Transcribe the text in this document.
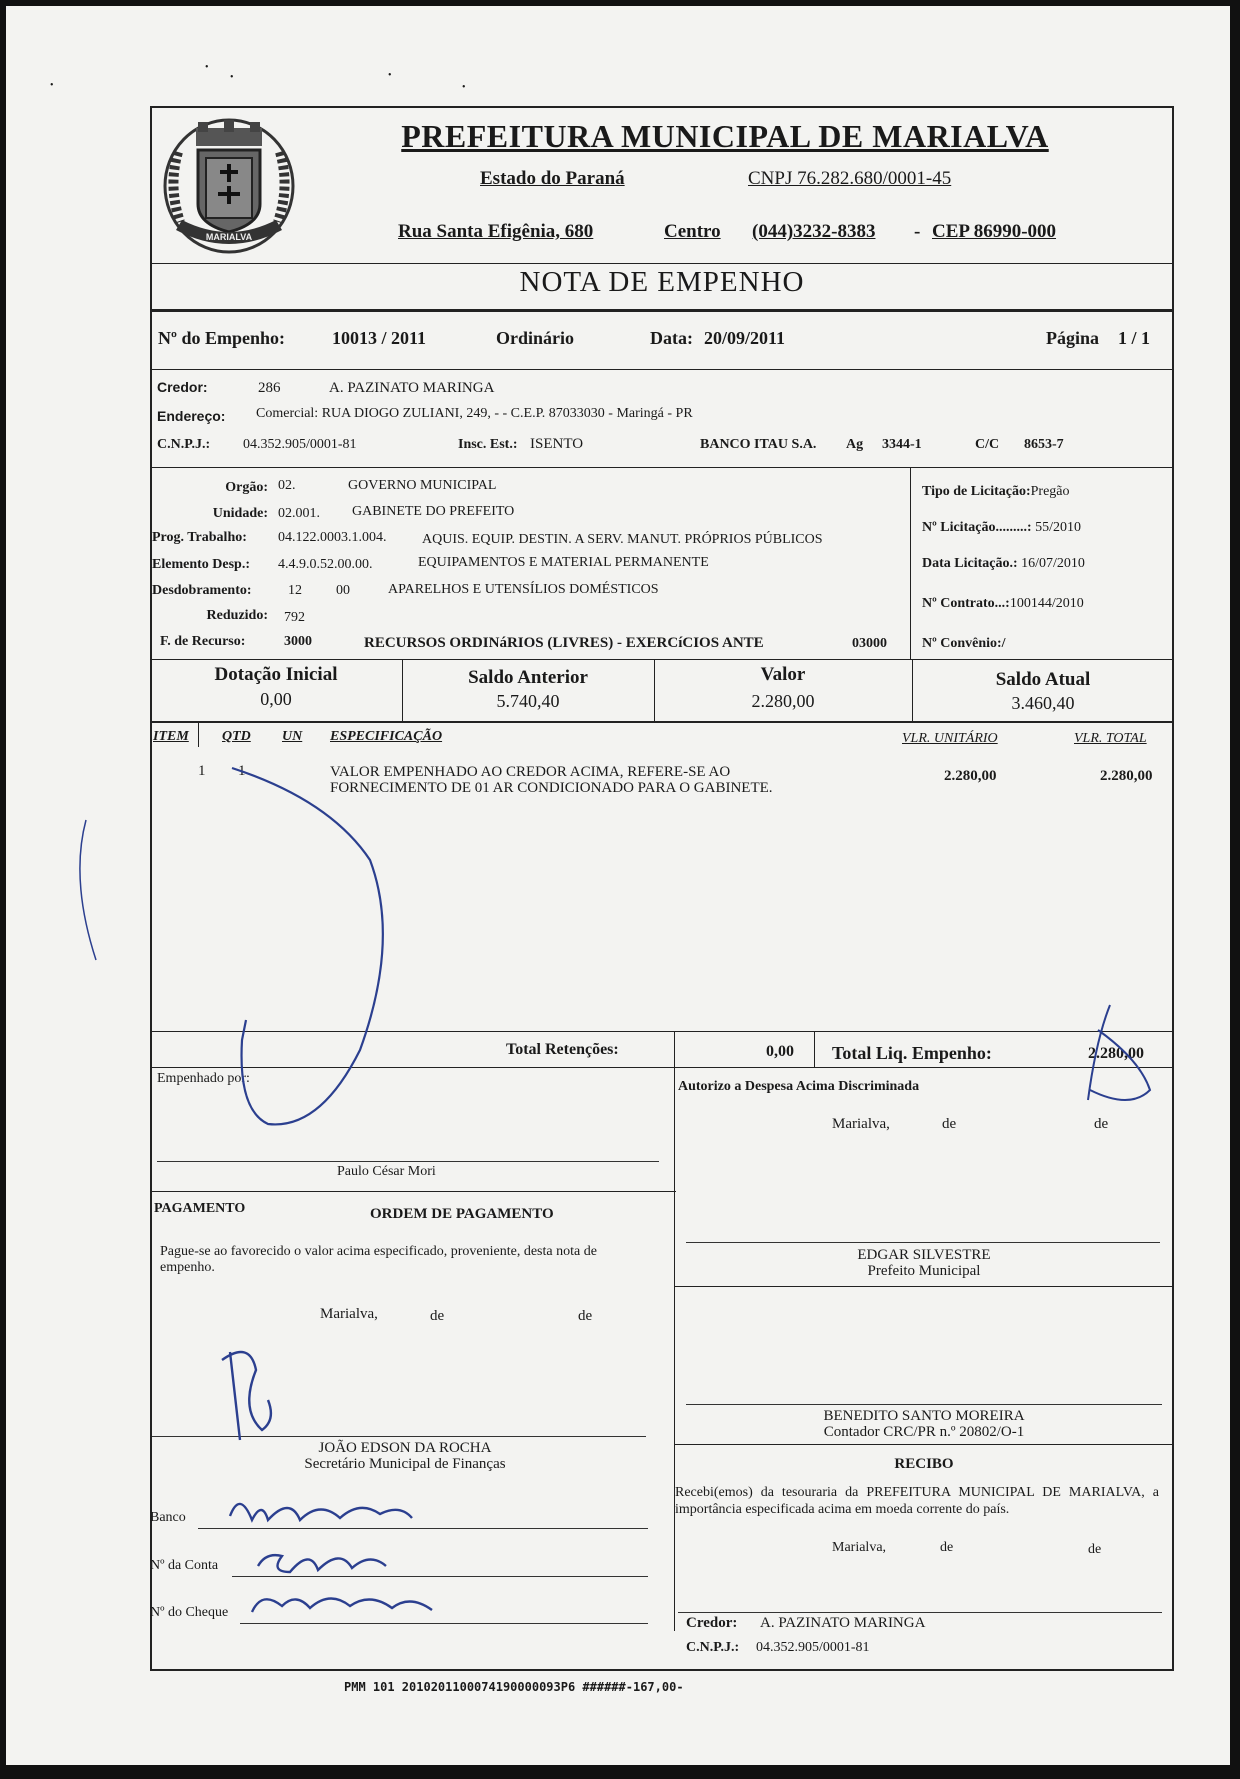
•
•
•	•
•
MARIALVA
PREFEITURA MUNICIPAL DE MARIALVA
Estado do Paraná	CNPJ 76.282.680/0001-45
Rua Santa Efigênia, 680	Centro (044)3232-8383 - CEP 86990-000
NOTA DE EMPENHO
Nº do Empenho:	10013 / 2011	Ordinário	Data: 20/09/2011	Página 1 / 1
Credor:	286	A. PAZINATO MARINGA
Endereço: Comercial: RUA DIOGO ZULIANI, 249, - - C.E.P. 87033030 - Maringá - PR
C.N.P.J.: 04.352.905/0001-81	Insc. Est.: ISENTO	BANCO ITAU S.A. Ag 3344-1	C/C 8653-7
Orgão: 02.	GOVERNO MUNICIPAL
Unidade: 02.001. GABINETE DO PREFEITO
Prog. Trabalho: 04.122.0003.1.004.	AQUIS. EQUIP. DESTIN. A SERV. MANUT. PRÓPRIOS PÚBLICOS
Elemento Desp.: 4.4.9.0.52.00.00.	EQUIPAMENTOS E MATERIAL PERMANENTE
Desdobramento:	12 00	APARELHOS E UTENSÍLIOS DOMÉSTICOS
Reduzido: 792
F. de Recurso:	3000	RECURSOS ORDINáRIOS (LIVRES) - EXERCíCIOS ANTE	03000
Tipo de Licitação:Pregão
Nº Licitação.........: 55/2010
Data Licitação.: 16/07/2010
Nº Contrato...:100144/2010
Nº Convênio:/
Dotação Inicial
0,00
Saldo Anterior
5.740,40
Valor
2.280,00
Saldo Atual
3.460,40
ITEM QTD UN ESPECIFICAÇÃO	VLR. UNITÁRIO	VLR. TOTAL
1 1	VALOR EMPENHADO AO CREDOR ACIMA, REFERE-SE AO
FORNECIMENTO DE 01 AR CONDICIONADO PARA O GABINETE.
2.280,00	2.280,00
Total Retenções:	0,00 Total Liq. Empenho:	2.280,00
Empenhado por:
Paulo César Mori
Autorizo a Despesa Acima Discriminada
Marialva,	de	de
EDGAR SILVESTRE
Prefeito Municipal
PAGAMENTO	ORDEM DE PAGAMENTO
Pague-se ao favorecido o valor acima especificado, proveniente, desta nota de empenho.
Marialva,	de	de
JOÃO EDSON DA ROCHA
Secretário Municipal de Finanças
Banco
Nº da Conta
Nº do Cheque
BENEDITO SANTO MOREIRA
Contador CRC/PR n.º 20802/O-1
RECIBO
Recebi(emos) da tesouraria da PREFEITURA MUNICIPAL DE MARIALVA, a importância especificada acima em moeda corrente do país.
Marialva,	de	de
Credor: A. PAZINATO MARINGA
C.N.P.J.: 04.352.905/0001-81
PMM 101 2010201100074190000093P6 ######-167,00-
